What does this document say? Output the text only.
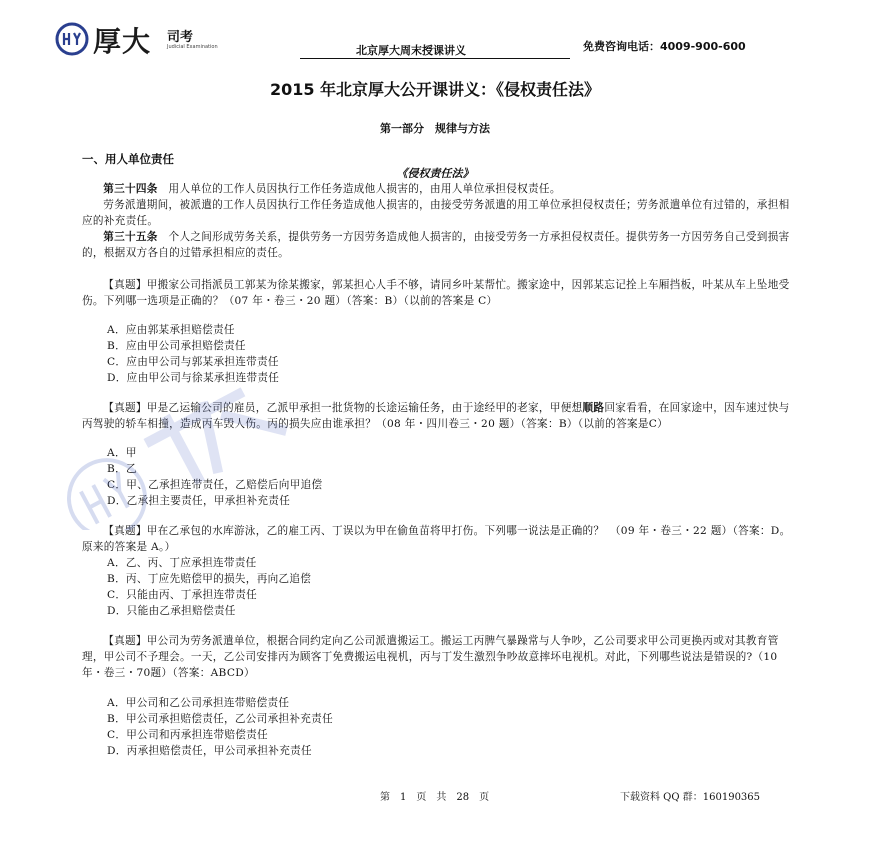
厚大 司考
Judicial Examination	北京厚大周末授课讲义	免费咨询电话：4009-900-600
2015 年北京厚大公开课讲义：《侵权责任法》
第一部分　规律与方法
一、用人单位责任
《侵权责任法》
第三十四条　用人单位的工作人员因执行工作任务造成他人损害的，由用人单位承担侵权责任。
劳务派遣期间，被派遣的工作人员因执行工作任务造成他人损害的，由接受劳务派遣的用工单位承担侵权责任；劳务派遣单位有过错的，承担相应的补充责任。
第三十五条　个人之间形成劳务关系，提供劳务一方因劳务造成他人损害的，由接受劳务一方承担侵权责任。提供劳务一方因劳务自己受到损害的，根据双方各自的过错承担相应的责任。
【真题】甲搬家公司指派员工郭某为徐某搬家，郭某担心人手不够，请同乡叶某帮忙。搬家途中，因郭某忘记拴上车厢挡板，叶某从车上坠地受伤。下列哪一选项是正确的？（07 年・卷三・20 题）（答案：B）（以前的答案是 C）
A．应由郭某承担赔偿责任
B．应由甲公司承担赔偿责任
C．应由甲公司与郭某承担连带责任
D．应由甲公司与徐某承担连带责任
【真题】甲是乙运输公司的雇员，乙派甲承担一批货物的长途运输任务，由于途经甲的老家，甲便想顺路回家看看，在回家途中，因车速过快与丙驾驶的轿车相撞，造成丙车毁人伤。丙的损失应由谁承担？（08 年・四川卷三・20 题）（答案：B）（以前的答案是C）
A．甲
B．乙
C．甲、乙承担连带责任，乙赔偿后向甲追偿
D．乙承担主要责任，甲承担补充责任
【真题】甲在乙承包的水库游泳，乙的雇工丙、丁误以为甲在偷鱼苗将甲打伤。下列哪一说法是正确的？　（09 年・卷三・22 题）（答案：D。原来的答案是 A。）
A．乙、丙、丁应承担连带责任
B．丙、丁应先赔偿甲的损失，再向乙追偿
C．只能由丙、丁承担连带责任
D．只能由乙承担赔偿责任
【真题】甲公司为劳务派遣单位，根据合同约定向乙公司派遣搬运工。搬运工丙脾气暴躁常与人争吵，乙公司要求甲公司更换丙或对其教育管理，甲公司不予理会。一天，乙公司安排丙为顾客丁免费搬运电视机，丙与丁发生激烈争吵故意摔坏电视机。对此，下列哪些说法是错误的?（10年・卷三・70题）（答案：ABCD）
A．甲公司和乙公司承担连带赔偿责任
B．甲公司承担赔偿责任，乙公司承担补充责任
C．甲公司和丙承担连带赔偿责任
D．丙承担赔偿责任，甲公司承担补充责任
第　1　页　共　28　页	下载资料 QQ 群：160190365
